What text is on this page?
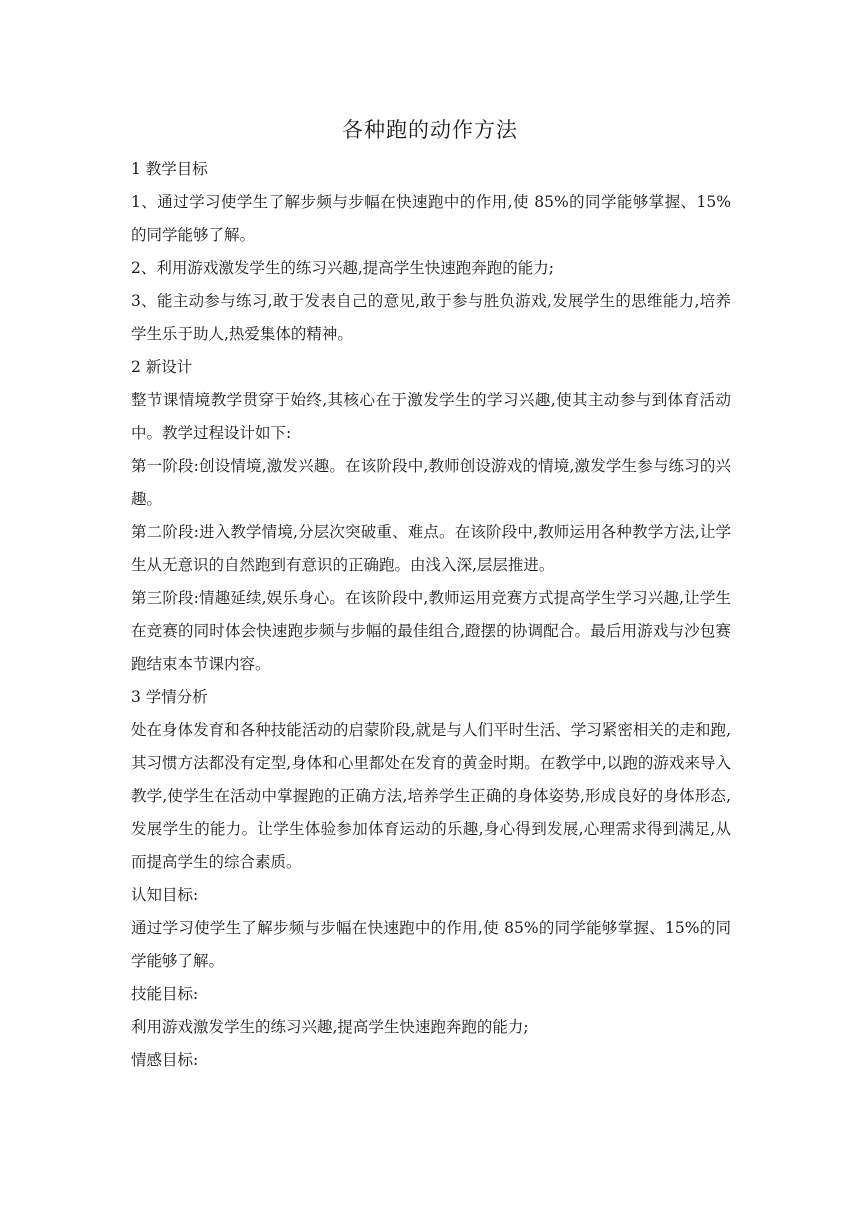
各种跑的动作方法

1 教学目标

1、通过学习使学生了解步频与步幅在快速跑中的作用,使 85%的同学能够掌握、15%的同学能够了解。

2、利用游戏激发学生的练习兴趣,提高学生快速跑奔跑的能力;

3、能主动参与练习,敢于发表自己的意见,敢于参与胜负游戏,发展学生的思维能力,培养学生乐于助人,热爱集体的精神。

2 新设计

整节课情境教学贯穿于始终,其核心在于激发学生的学习兴趣,使其主动参与到体育活动中。教学过程设计如下:

第一阶段:创设情境,激发兴趣。在该阶段中,教师创设游戏的情境,激发学生参与练习的兴趣。

第二阶段:进入教学情境,分层次突破重、难点。在该阶段中,教师运用各种教学方法,让学生从无意识的自然跑到有意识的正确跑。由浅入深,层层推进。

第三阶段:情趣延续,娱乐身心。在该阶段中,教师运用竞赛方式提高学生学习兴趣,让学生在竞赛的同时体会快速跑步频与步幅的最佳组合,蹬摆的协调配合。最后用游戏与沙包赛跑结束本节课内容。

3 学情分析

处在身体发育和各种技能活动的启蒙阶段,就是与人们平时生活、学习紧密相关的走和跑,其习惯方法都没有定型,身体和心里都处在发育的黄金时期。在教学中,以跑的游戏来导入教学,使学生在活动中掌握跑的正确方法,培养学生正确的身体姿势,形成良好的身体形态,发展学生的能力。让学生体验参加体育运动的乐趣,身心得到发展,心理需求得到满足,从而提高学生的综合素质。

认知目标:

通过学习使学生了解步频与步幅在快速跑中的作用,使 85%的同学能够掌握、15%的同学能够了解。

技能目标:

利用游戏激发学生的练习兴趣,提高学生快速跑奔跑的能力;

情感目标:
